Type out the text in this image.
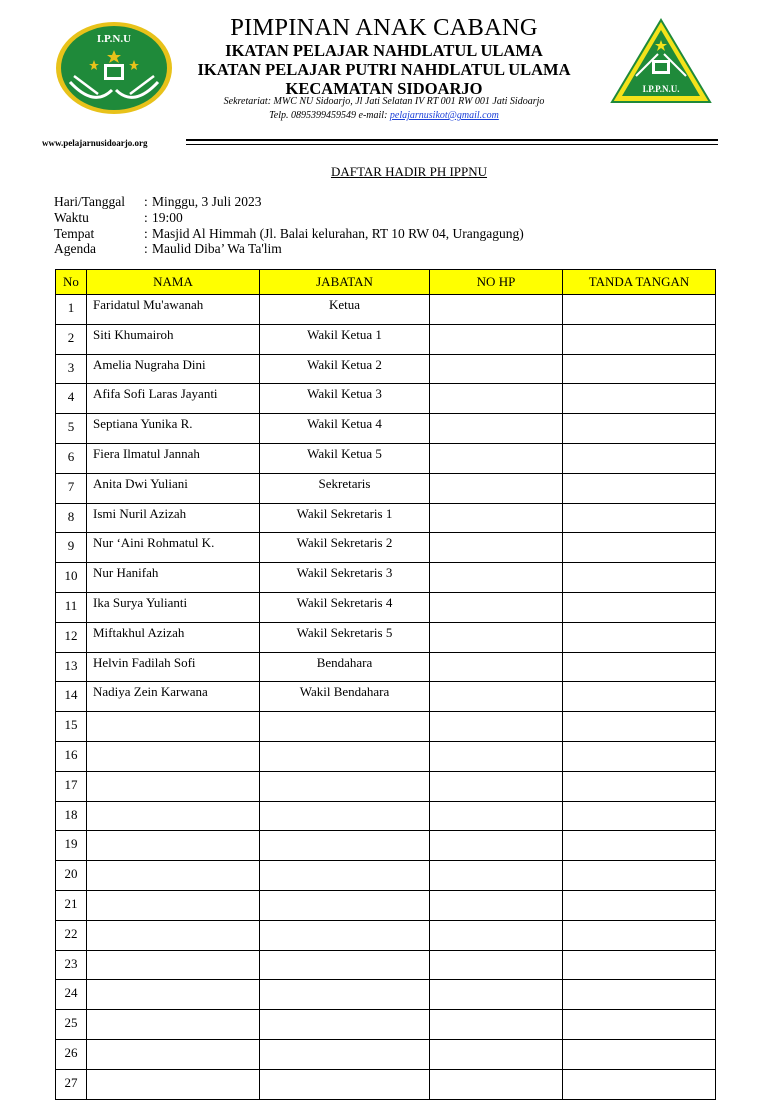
I.P.N.U
I.P.P.N.U.
PIMPINAN ANAK CABANG
IKATAN PELAJAR NAHDLATUL ULAMA
IKATAN PELAJAR PUTRI NAHDLATUL ULAMA
KECAMATAN SIDOARJO
Sekretariat: MWC NU Sidoarjo, Jl Jati Selatan IV RT 001 RW 001 Jati Sidoarjo
Telp. 0895399459549 e-mail: pelajarnusikot@gmail.com
www.pelajarnusidoarjo.org
DAFTAR HADIR PH IPPNU
Hari/Tanggal : Minggu, 3 Juli 2023
Waktu	: 19:00
Tempat	: Masjid Al Himmah (Jl. Balai kelurahan, RT 10 RW 04, Urangagung)
Agenda	: Maulid Diba’ Wa Ta'lim
No	NAMA	JABATAN	NO HP	TANDA TANGAN
1	Faridatul Mu'awanah	Ketua		
2	Siti Khumairoh	Wakil Ketua 1		
3	Amelia Nugraha Dini	Wakil Ketua 2		
4	Afifa Sofi Laras Jayanti	Wakil Ketua 3		
5	Septiana Yunika R.	Wakil Ketua 4		
6	Fiera Ilmatul Jannah	Wakil Ketua 5		
7	Anita Dwi Yuliani	Sekretaris		
8	Ismi Nuril Azizah	Wakil Sekretaris 1		
9	Nur ‘Aini Rohmatul K.	Wakil Sekretaris 2		
10	Nur Hanifah	Wakil Sekretaris 3		
11	Ika Surya Yulianti	Wakil Sekretaris 4		
12	Miftakhul Azizah	Wakil Sekretaris 5		
13	Helvin Fadilah Sofi	Bendahara		
14	Nadiya Zein Karwana	Wakil Bendahara		
15				
16				
17				
18				
19				
20				
21				
22				
23				
24				
25				
26				
27				
